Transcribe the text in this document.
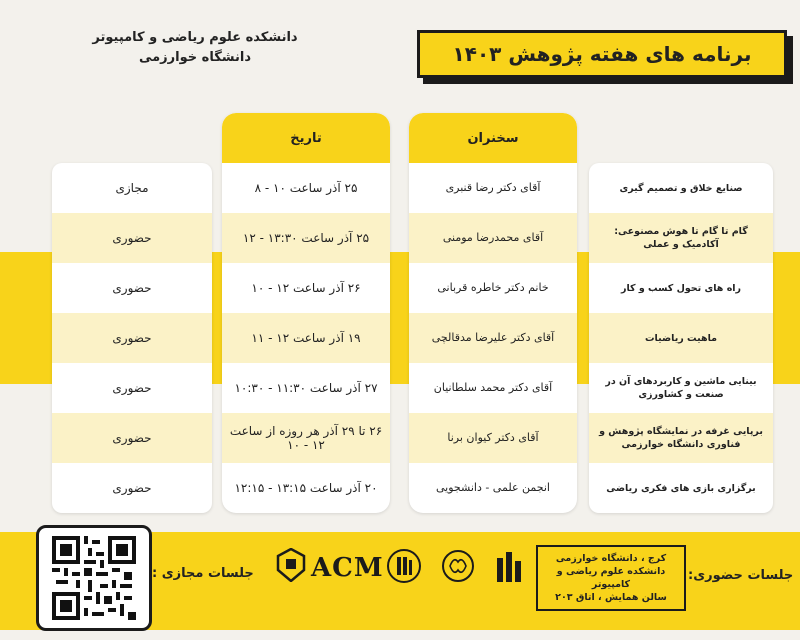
برنامه های هفته پژوهش ۱۴۰۳
دانشکده علوم ریاضی و کامپیوتر
دانشگاه خوارزمی
صنایع خلاق و تصمیم گیری
گام تا گام تا هوش مصنوعی: آکادمیک و عملی
راه های تحول کسب و کار
ماهیت ریاضیات
بینایی ماشین و کاربردهای آن در صنعت و کشاورزی
برپایی غرفه در نمایشگاه پژوهش و فناوری دانشگاه خوارزمی
برگزاری بازی های فکری ریاضی
سخنران
آقای دکتر رضا قنبری
آقای محمدرضا مومنی
خانم دکتر خاطره قربانی
آقای دکتر علیرضا مدقالچی
آقای دکتر محمد سلطانیان
آقای دکتر کیوان برنا
انجمن علمی - دانشجویی
تاریخ
۲۵ آذر ساعت ۱۰ - ۸
۲۵ آذر ساعت ۱۳:۳۰ - ۱۲
۲۶ آذر ساعت ۱۲ - ۱۰
۱۹ آذر ساعت ۱۲ - ۱۱
۲۷ آذر ساعت ۱۱:۳۰ - ۱۰:۳۰
۲۶ تا ۲۹ آذر هر روزه از ساعت ۱۲ - ۱۰
۲۰ آذر ساعت ۱۳:۱۵ - ۱۲:۱۵
مجازی
حضوری
حضوری
حضوری
حضوری
حضوری
حضوری
جلسات مجازی : ACM	کرج ، دانشگاه خوارزمی
دانشکده علوم ریاضی و کامپیوتر
سالن همایش ، اتاق ۲۰۳
جلسات حضوری:
